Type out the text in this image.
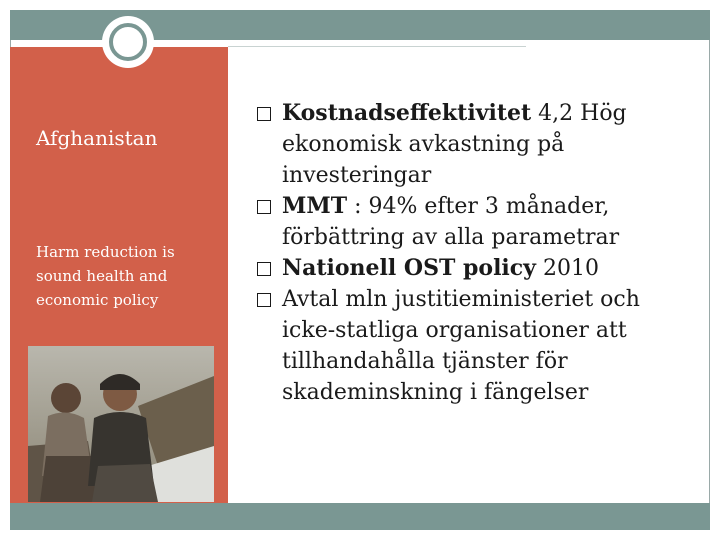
Afghanistan
Harm reduction is sound health and economic policy
Kostnadseffektivitet 4,2 Hög ekonomisk avkastning på investeringar
MMT : 94% efter 3 månader, förbättring av alla parametrar
Nationell OST policy 2010
Avtal mln justitieministeriet och icke-statliga organisationer att tillhandahålla tjänster för skademinskning i fängelser
